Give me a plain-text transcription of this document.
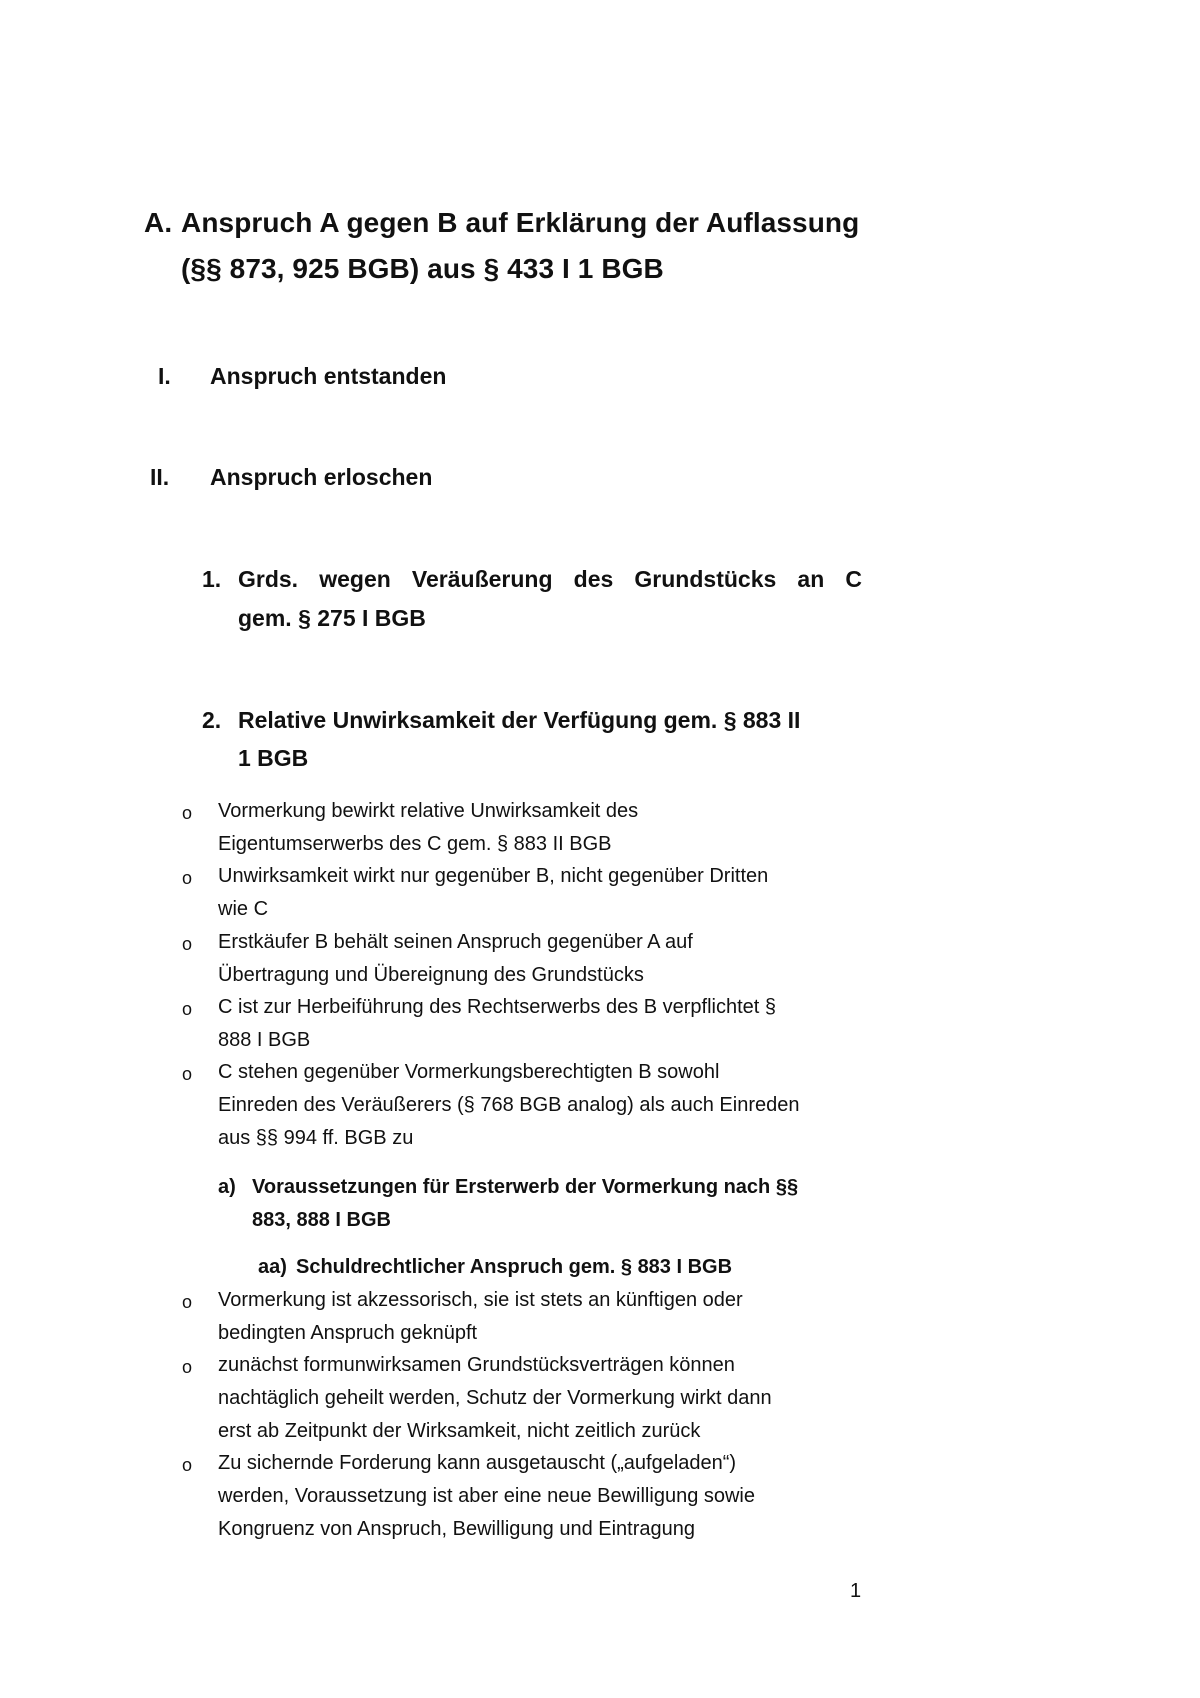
A. Anspruch A gegen B auf Erklärung der Auflassung
(§§ 873, 925 BGB) aus § 433 I 1 BGB
I. Anspruch entstanden
II. Anspruch erloschen
1. Grds. wegen Veräußerung des Grundstücks an C
gem. § 275 I BGB
2. Relative Unwirksamkeit der Verfügung gem. § 883 II
1 BGB
o Vormerkung bewirkt relative Unwirksamkeit des
Eigentumserwerbs des C gem. § 883 II BGB
o Unwirksamkeit wirkt nur gegenüber B, nicht gegenüber Dritten
wie C
o Erstkäufer B behält seinen Anspruch gegenüber A auf
Übertragung und Übereignung des Grundstücks
o C ist zur Herbeiführung des Rechtserwerbs des B verpflichtet §
888 I BGB
o C stehen gegenüber Vormerkungsberechtigten B sowohl
Einreden des Veräußerers (§ 768 BGB analog) als auch Einreden
aus §§ 994 ff. BGB zu
a) Voraussetzungen für Ersterwerb der Vormerkung nach §§
883, 888 I BGB
aa) Schuldrechtlicher Anspruch gem. § 883 I BGB
o Vormerkung ist akzessorisch, sie ist stets an künftigen oder
bedingten Anspruch geknüpft
o zunächst formunwirksamen Grundstücksverträgen können
nachtäglich geheilt werden, Schutz der Vormerkung wirkt dann
erst ab Zeitpunkt der Wirksamkeit, nicht zeitlich zurück
o Zu sichernde Forderung kann ausgetauscht („aufgeladen“)
werden, Voraussetzung ist aber eine neue Bewilligung sowie
Kongruenz von Anspruch, Bewilligung und Eintragung
1
